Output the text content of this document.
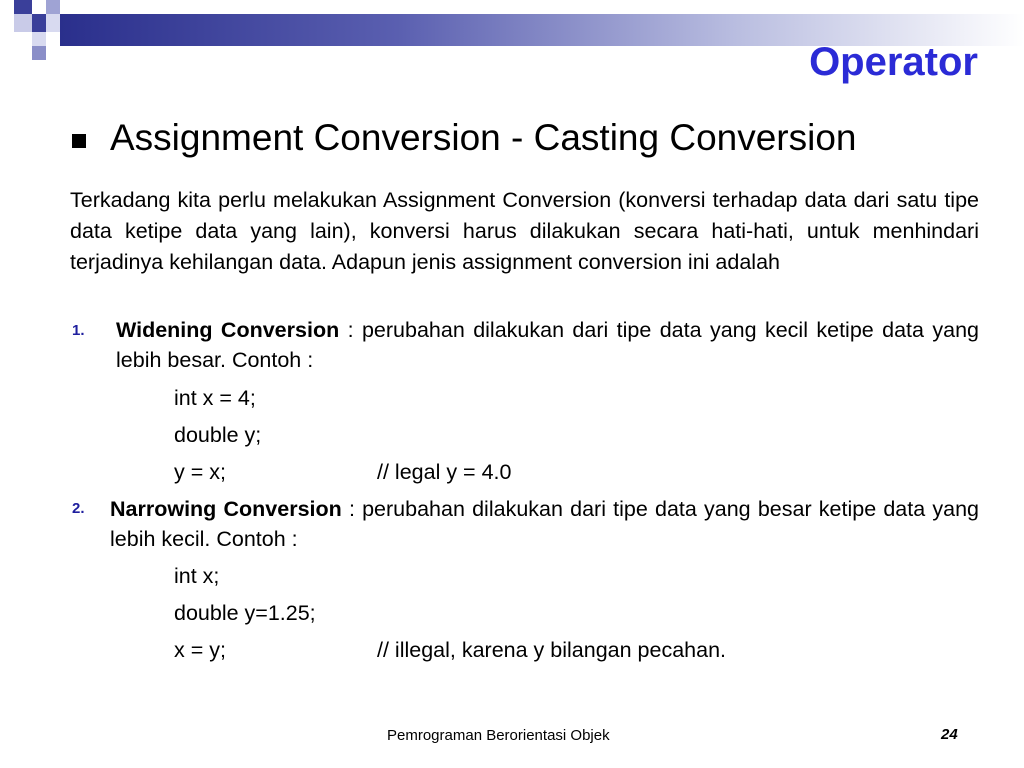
Operator
Assignment Conversion - Casting Conversion
Terkadang kita perlu melakukan Assignment Conversion (konversi terhadap data dari satu tipe data ketipe data yang lain), konversi harus dilakukan secara hati-hati, untuk menhindari terjadinya kehilangan data. Adapun jenis assignment conversion ini adalah
1. Widening Conversion : perubahan dilakukan dari tipe data yang kecil ketipe data yang lebih besar. Contoh :
int x = 4;
double y;
y = x;	// legal y = 4.0
2. Narrowing Conversion : perubahan dilakukan dari tipe data yang besar ketipe data yang lebih kecil. Contoh :
int x;
double y=1.25;
x = y;	// illegal, karena y bilangan pecahan.
Pemrograman Berorientasi Objek	24
